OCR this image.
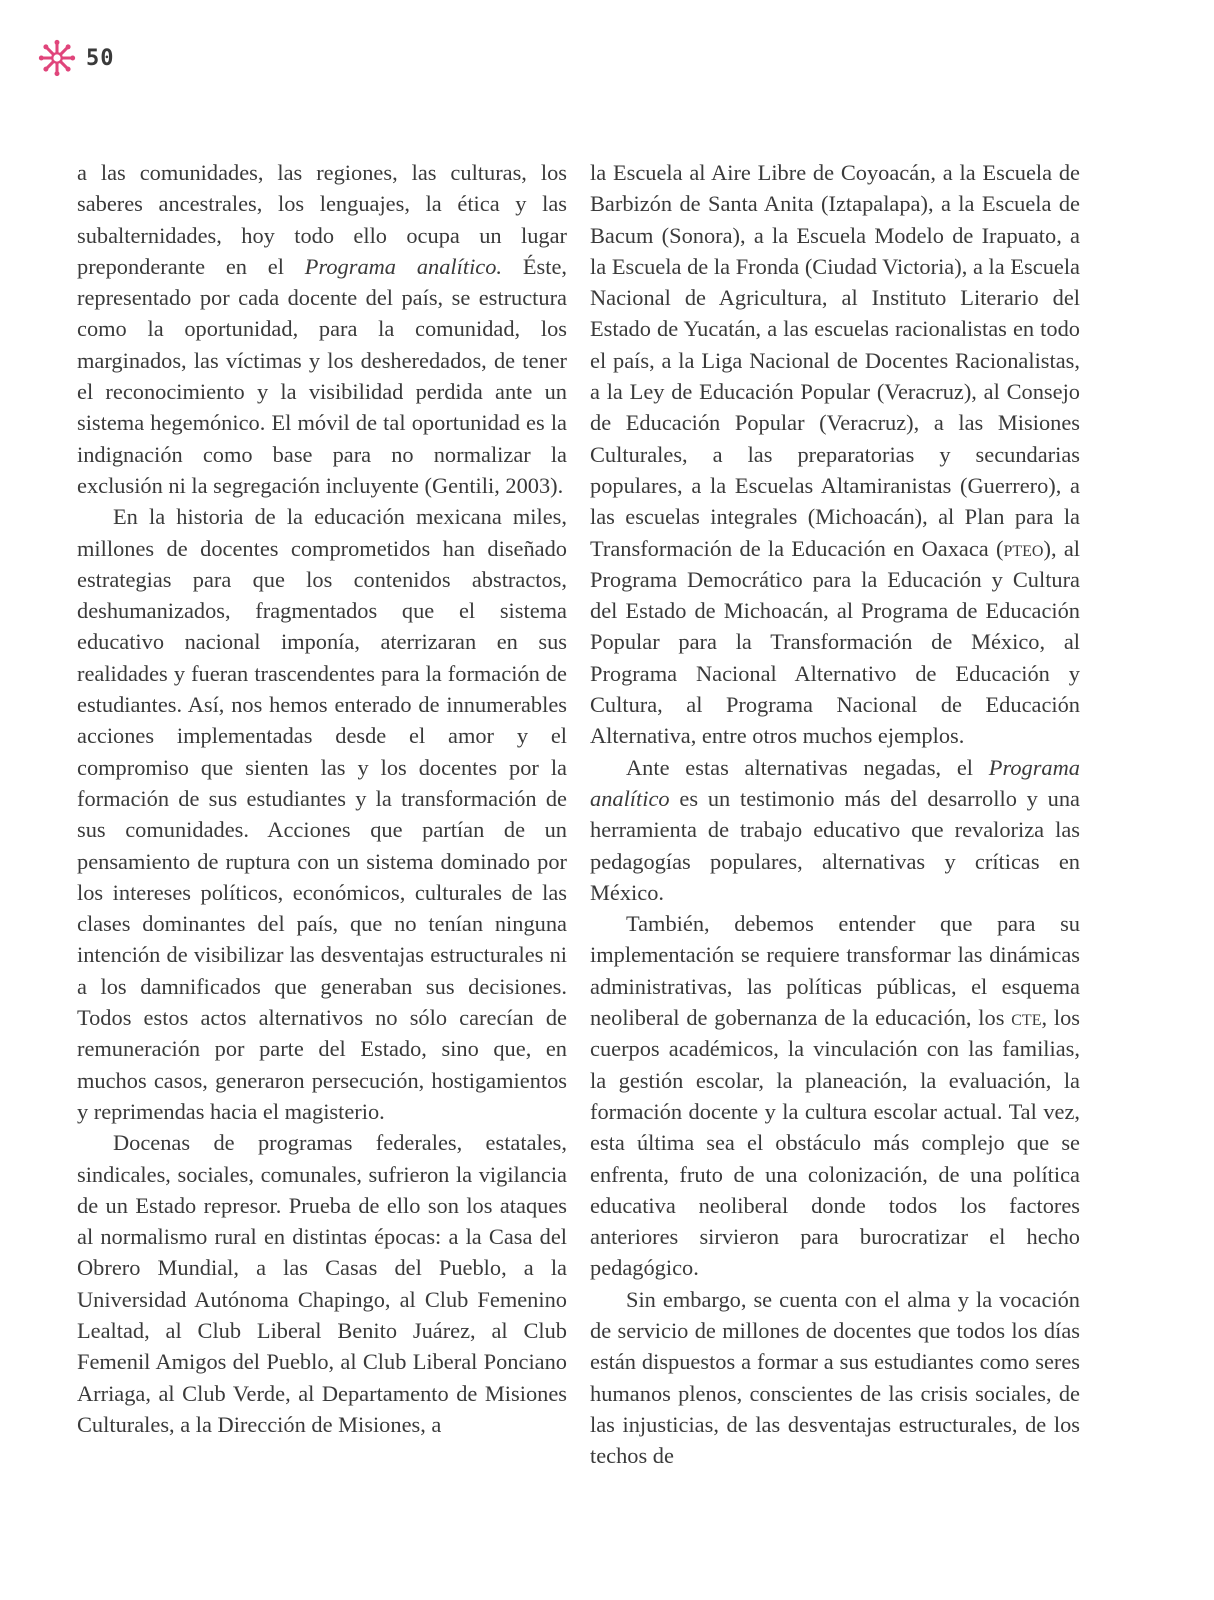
50

a las comunidades, las regiones, las culturas, los saberes ancestrales, los lenguajes, la ética y las subalternidades, hoy todo ello ocupa un lugar preponderante en el Programa analítico. Éste, representado por cada docente del país, se estructura como la oportunidad, para la comunidad, los marginados, las víctimas y los desheredados, de tener el reconocimiento y la visibilidad perdida ante un sistema hegemónico. El móvil de tal oportunidad es la indignación como base para no normalizar la exclusión ni la segregación incluyente (Gentili, 2003).

En la historia de la educación mexicana miles, millones de docentes comprometidos han diseñado estrategias para que los contenidos abstractos, deshumanizados, fragmentados que el sistema educativo nacional imponía, aterrizaran en sus realidades y fueran trascendentes para la formación de estudiantes. Así, nos hemos enterado de innumerables acciones implementadas desde el amor y el compromiso que sienten las y los docentes por la formación de sus estudiantes y la transformación de sus comunidades. Acciones que partían de un pensamiento de ruptura con un sistema dominado por los intereses políticos, económicos, culturales de las clases dominantes del país, que no tenían ninguna intención de visibilizar las desventajas estructurales ni a los damnificados que generaban sus decisiones. Todos estos actos alternativos no sólo carecían de remuneración por parte del Estado, sino que, en muchos casos, generaron persecución, hostigamientos y reprimendas hacia el magisterio.

Docenas de programas federales, estatales, sindicales, sociales, comunales, sufrieron la vigilancia de un Estado represor. Prueba de ello son los ataques al normalismo rural en distintas épocas: a la Casa del Obrero Mundial, a las Casas del Pueblo, a la Universidad Autónoma Chapingo, al Club Femenino Lealtad, al Club Liberal Benito Juárez, al Club Femenil Amigos del Pueblo, al Club Liberal Ponciano Arriaga, al Club Verde, al Departamento de Misiones Culturales, a la Dirección de Misiones, a

la Escuela al Aire Libre de Coyoacán, a la Escuela de Barbizón de Santa Anita (Iztapalapa), a la Escuela de Bacum (Sonora), a la Escuela Modelo de Irapuato, a la Escuela de la Fronda (Ciudad Victoria), a la Escuela Nacional de Agricultura, al Instituto Literario del Estado de Yucatán, a las escuelas racionalistas en todo el país, a la Liga Nacional de Docentes Racionalistas, a la Ley de Educación Popular (Veracruz), al Consejo de Educación Popular (Veracruz), a las Misiones Culturales, a las preparatorias y secundarias populares, a la Escuelas Altamiranistas (Guerrero), a las escuelas integrales (Michoacán), al Plan para la Transformación de la Educación en Oaxaca (pteo), al Programa Democrático para la Educación y Cultura del Estado de Michoacán, al Programa de Educación Popular para la Transformación de México, al Programa Nacional Alternativo de Educación y Cultura, al Programa Nacional de Educación Alternativa, entre otros muchos ejemplos.

Ante estas alternativas negadas, el Programa analítico es un testimonio más del desarrollo y una herramienta de trabajo educativo que revaloriza las pedagogías populares, alternativas y críticas en México.

También, debemos entender que para su implementación se requiere transformar las dinámicas administrativas, las políticas públicas, el esquema neoliberal de gobernanza de la educación, los cte, los cuerpos académicos, la vinculación con las familias, la gestión escolar, la planeación, la evaluación, la formación docente y la cultura escolar actual. Tal vez, esta última sea el obstáculo más complejo que se enfrenta, fruto de una colonización, de una política educativa neoliberal donde todos los factores anteriores sirvieron para burocratizar el hecho pedagógico.

Sin embargo, se cuenta con el alma y la vocación de servicio de millones de docentes que todos los días están dispuestos a formar a sus estudiantes como seres humanos plenos, conscientes de las crisis sociales, de las injusticias, de las desventajas estructurales, de los techos de
